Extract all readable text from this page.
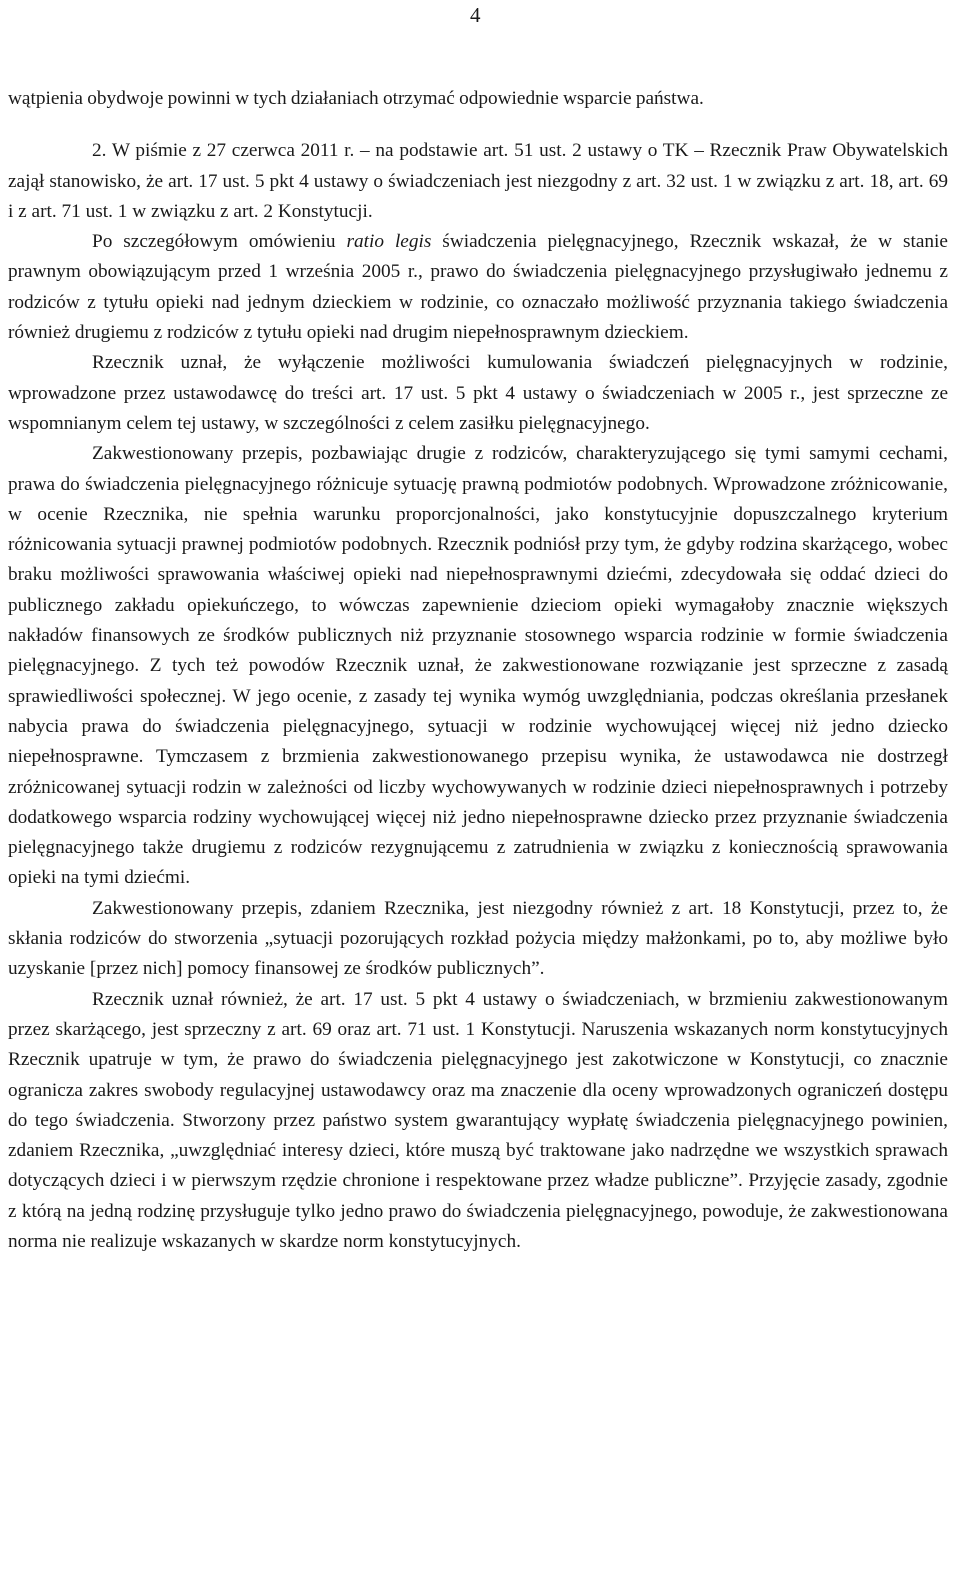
4

wątpienia obydwoje powinni w tych działaniach otrzymać odpowiednie wsparcie państwa.

2. W piśmie z 27 czerwca 2011 r. – na podstawie art. 51 ust. 2 ustawy o TK – Rzecznik Praw Obywatelskich zajął stanowisko, że art. 17 ust. 5 pkt 4 ustawy o świadczeniach jest niezgodny z art. 32 ust. 1 w związku z art. 18, art. 69 i z art. 71 ust. 1 w związku z art. 2 Konstytucji.

Po szczegółowym omówieniu ratio legis świadczenia pielęgnacyjnego, Rzecznik wskazał, że w stanie prawnym obowiązującym przed 1 września 2005 r., prawo do świadczenia pielęgnacyjnego przysługiwało jednemu z rodziców z tytułu opieki nad jednym dzieckiem w rodzinie, co oznaczało możliwość przyznania takiego świadczenia również drugiemu z rodziców z tytułu opieki nad drugim niepełnosprawnym dzieckiem.

Rzecznik uznał, że wyłączenie możliwości kumulowania świadczeń pielęgnacyjnych w rodzinie, wprowadzone przez ustawodawcę do treści art. 17 ust. 5 pkt 4 ustawy o świadczeniach w 2005 r., jest sprzeczne ze wspomnianym celem tej ustawy, w szczególności z celem zasiłku pielęgnacyjnego.

Zakwestionowany przepis, pozbawiając drugie z rodziców, charakteryzującego się tymi samymi cechami, prawa do świadczenia pielęgnacyjnego różnicuje sytuację prawną podmiotów podobnych. Wprowadzone zróżnicowanie, w ocenie Rzecznika, nie spełnia warunku proporcjonalności, jako konstytucyjnie dopuszczalnego kryterium różnicowania sytuacji prawnej podmiotów podobnych. Rzecznik podniósł przy tym, że gdyby rodzina skarżącego, wobec braku możliwości sprawowania właściwej opieki nad niepełnosprawnymi dziećmi, zdecydowała się oddać dzieci do publicznego zakładu opiekuńczego, to wówczas zapewnienie dzieciom opieki wymagałoby znacznie większych nakładów finansowych ze środków publicznych niż przyznanie stosownego wsparcia rodzinie w formie świadczenia pielęgnacyjnego. Z tych też powodów Rzecznik uznał, że zakwestionowane rozwiązanie jest sprzeczne z zasadą sprawiedliwości społecznej. W jego ocenie, z zasady tej wynika wymóg uwzględniania, podczas określania przesłanek nabycia prawa do świadczenia pielęgnacyjnego, sytuacji w rodzinie wychowującej więcej niż jedno dziecko niepełnosprawne. Tymczasem z brzmienia zakwestionowanego przepisu wynika, że ustawodawca nie dostrzegł zróżnicowanej sytuacji rodzin w zależności od liczby wychowywanych w rodzinie dzieci niepełnosprawnych i potrzeby dodatkowego wsparcia rodziny wychowującej więcej niż jedno niepełnosprawne dziecko przez przyznanie świadczenia pielęgnacyjnego także drugiemu z rodziców rezygnującemu z zatrudnienia w związku z koniecznością sprawowania opieki na tymi dziećmi.

Zakwestionowany przepis, zdaniem Rzecznika, jest niezgodny również z art. 18 Konstytucji, przez to, że skłania rodziców do stworzenia „sytuacji pozorujących rozkład pożycia między małżonkami, po to, aby możliwe było uzyskanie [przez nich] pomocy finansowej ze środków publicznych”.

Rzecznik uznał również, że art. 17 ust. 5 pkt 4 ustawy o świadczeniach, w brzmieniu zakwestionowanym przez skarżącego, jest sprzeczny z art. 69 oraz art. 71 ust. 1 Konstytucji. Naruszenia wskazanych norm konstytucyjnych Rzecznik upatruje w tym, że prawo do świadczenia pielęgnacyjnego jest zakotwiczone w Konstytucji, co znacznie ogranicza zakres swobody regulacyjnej ustawodawcy oraz ma znaczenie dla oceny wprowadzonych ograniczeń dostępu do tego świadczenia. Stworzony przez państwo system gwarantujący wypłatę świadczenia pielęgnacyjnego powinien, zdaniem Rzecznika, „uwzględniać interesy dzieci, które muszą być traktowane jako nadrzędne we wszystkich sprawach dotyczących dzieci i w pierwszym rzędzie chronione i respektowane przez władze publiczne”. Przyjęcie zasady, zgodnie z którą na jedną rodzinę przysługuje tylko jedno prawo do świadczenia pielęgnacyjnego, powoduje, że zakwestionowana norma nie realizuje wskazanych w skardze norm konstytucyjnych.
